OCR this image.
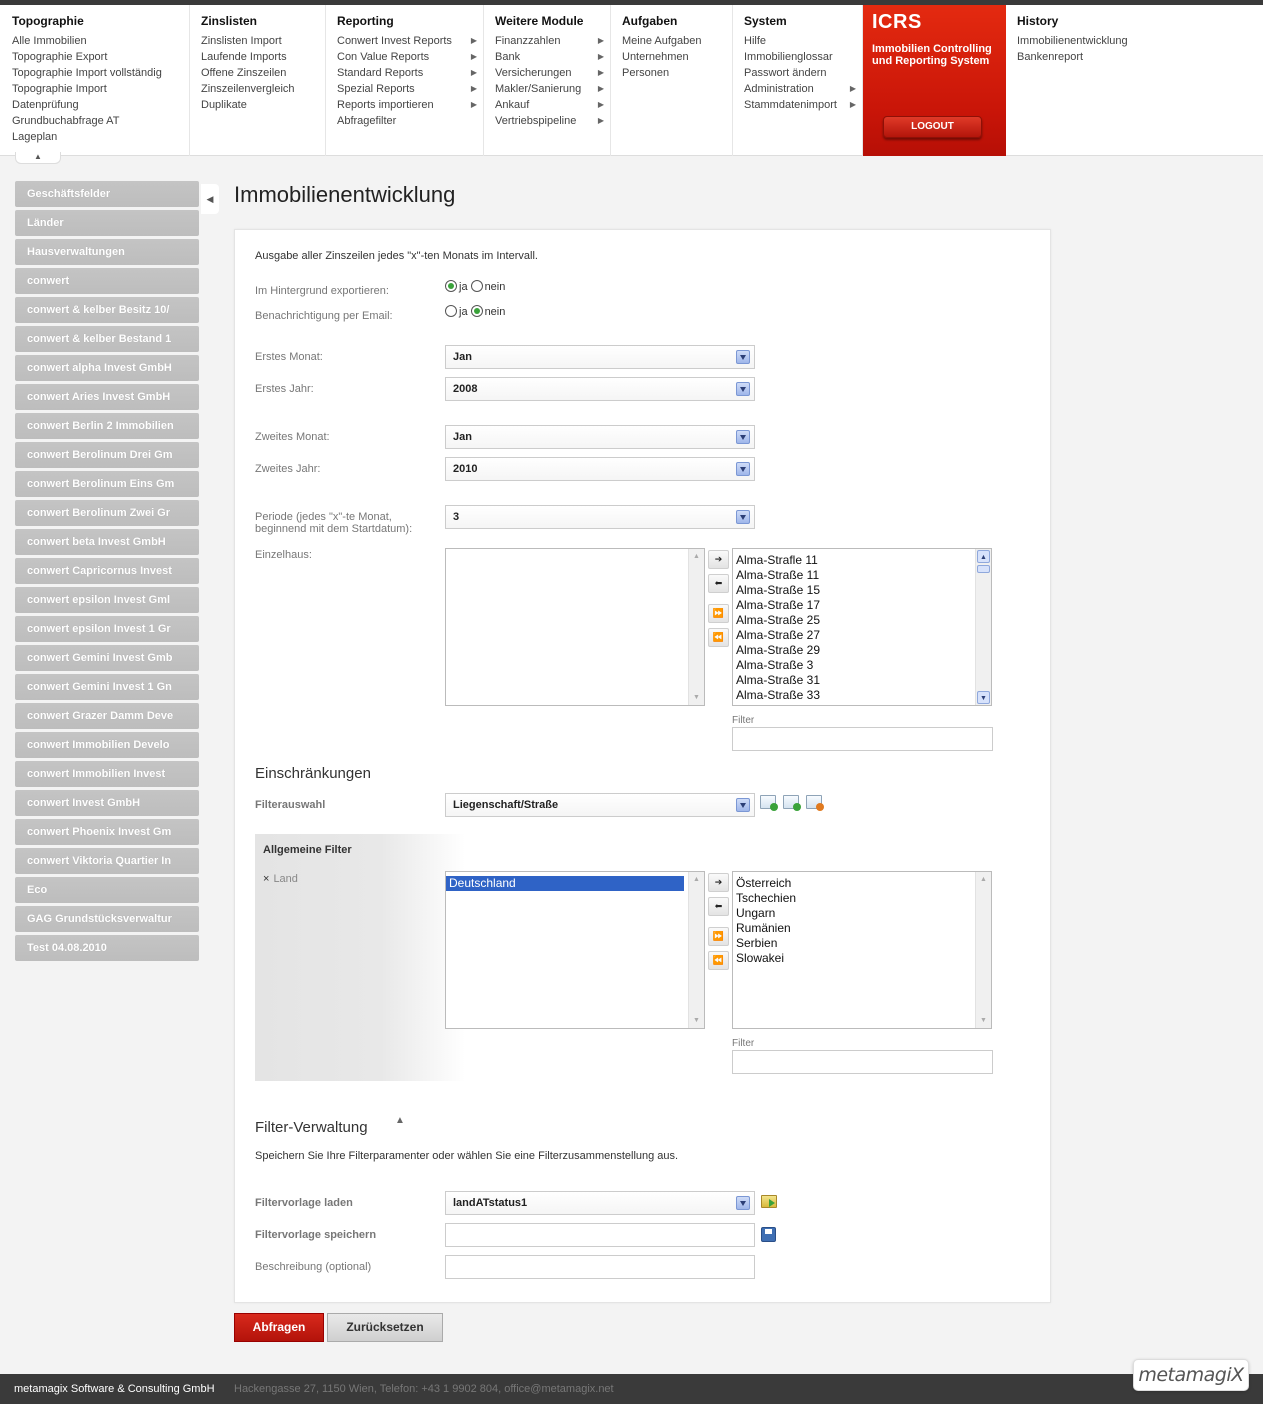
Topographie
Alle Immobilien
Topographie Export
Topographie Import vollständig
Topographie Import
Datenprüfung
Grundbuchabfrage AT
Lageplan
Zinslisten
Zinslisten Import
Laufende Imports
Offene Zinszeilen
Zinszeilenvergleich
Duplikate
Reporting
Conwert Invest Reports ▶
Con Value Reports	▶
Standard Reports	▶
Spezial Reports	▶
Reports importieren	▶
Abfragefilter
Weitere Module
Finanzzahlen	▶
Bank	▶
Versicherungen	▶
Makler/Sanierung ▶
Ankauf	▶
Vertriebspipeline	▶
Aufgaben
Meine Aufgaben
Unternehmen
Personen
System
Hilfe
Immobilienglossar
Passwort ändern
Administration	▶
Stammdatenimport ▶
ICRS
Immobilien Controlling und Reporting System
LOGOUT
History
Immobilienentwicklung
Bankenreport
▲
Geschäftsfelder
Länder
Hausverwaltungen
conwert
conwert & kelber Besitz 10/
conwert & kelber Bestand 1
conwert alpha Invest GmbH
conwert Aries Invest GmbH
conwert Berlin 2 Immobilien
conwert Berolinum Drei Gm
conwert Berolinum Eins Gm
conwert Berolinum Zwei Gr
conwert beta Invest GmbH
conwert Capricornus Invest
conwert epsilon Invest Gml
conwert epsilon Invest 1 Gr
conwert Gemini Invest Gmb
conwert Gemini Invest 1 Gn
conwert Grazer Damm Deve
conwert Immobilien Develo
conwert Immobilien Invest
conwert Invest GmbH
conwert Phoenix Invest Gm
conwert Viktoria Quartier In
Eco
GAG Grundstücksverwaltur
Test 04.08.2010
◀ Immobilienentwicklung
Ausgabe aller Zinszeilen jedes "x"-ten Monats im Intervall.
Im Hintergrund exportieren:	ja nein
Benachrichtigung per Email:	ja nein
Erstes Monat:	Jan
Erstes Jahr:	2008
Zweites Monat:	Jan
Zweites Jahr:	2010
Periode (jedes "x"-te Monat,
beginnend mit dem Startdatum):
3
Einzelhaus:	▲
▼
➔
⬅
⏩
⏪
Alma-Strafle 11
Alma-Straße 11
Alma-Straße 15
Alma-Straße 17
Alma-Straße 25
Alma-Straße 27
Alma-Straße 29
Alma-Straße 3
Alma-Straße 31
Alma-Straße 33
▲
▼
Filter
Einschränkungen
Filterauswahl	Liegenschaft/Straße
Allgemeine Filter
× Land	Deutschland	▲
▼
➔
⬅
⏩
⏪
Österreich
Tschechien
Ungarn
Rumänien
Serbien
Slowakei
▲
▼
Filter
Filter-Verwaltung	▲
Speichern Sie Ihre Filterparamenter oder wählen Sie eine Filterzusammenstellung aus.
Filtervorlage laden	landATstatus1
Filtervorlage speichern
Beschreibung (optional)
Abfragen	Zurücksetzen
metamagix Software & Consulting GmbH Hackengasse 27, 1150 Wien, Telefon: +43 1 9902 804, office@metamagix.net
metamagiX
